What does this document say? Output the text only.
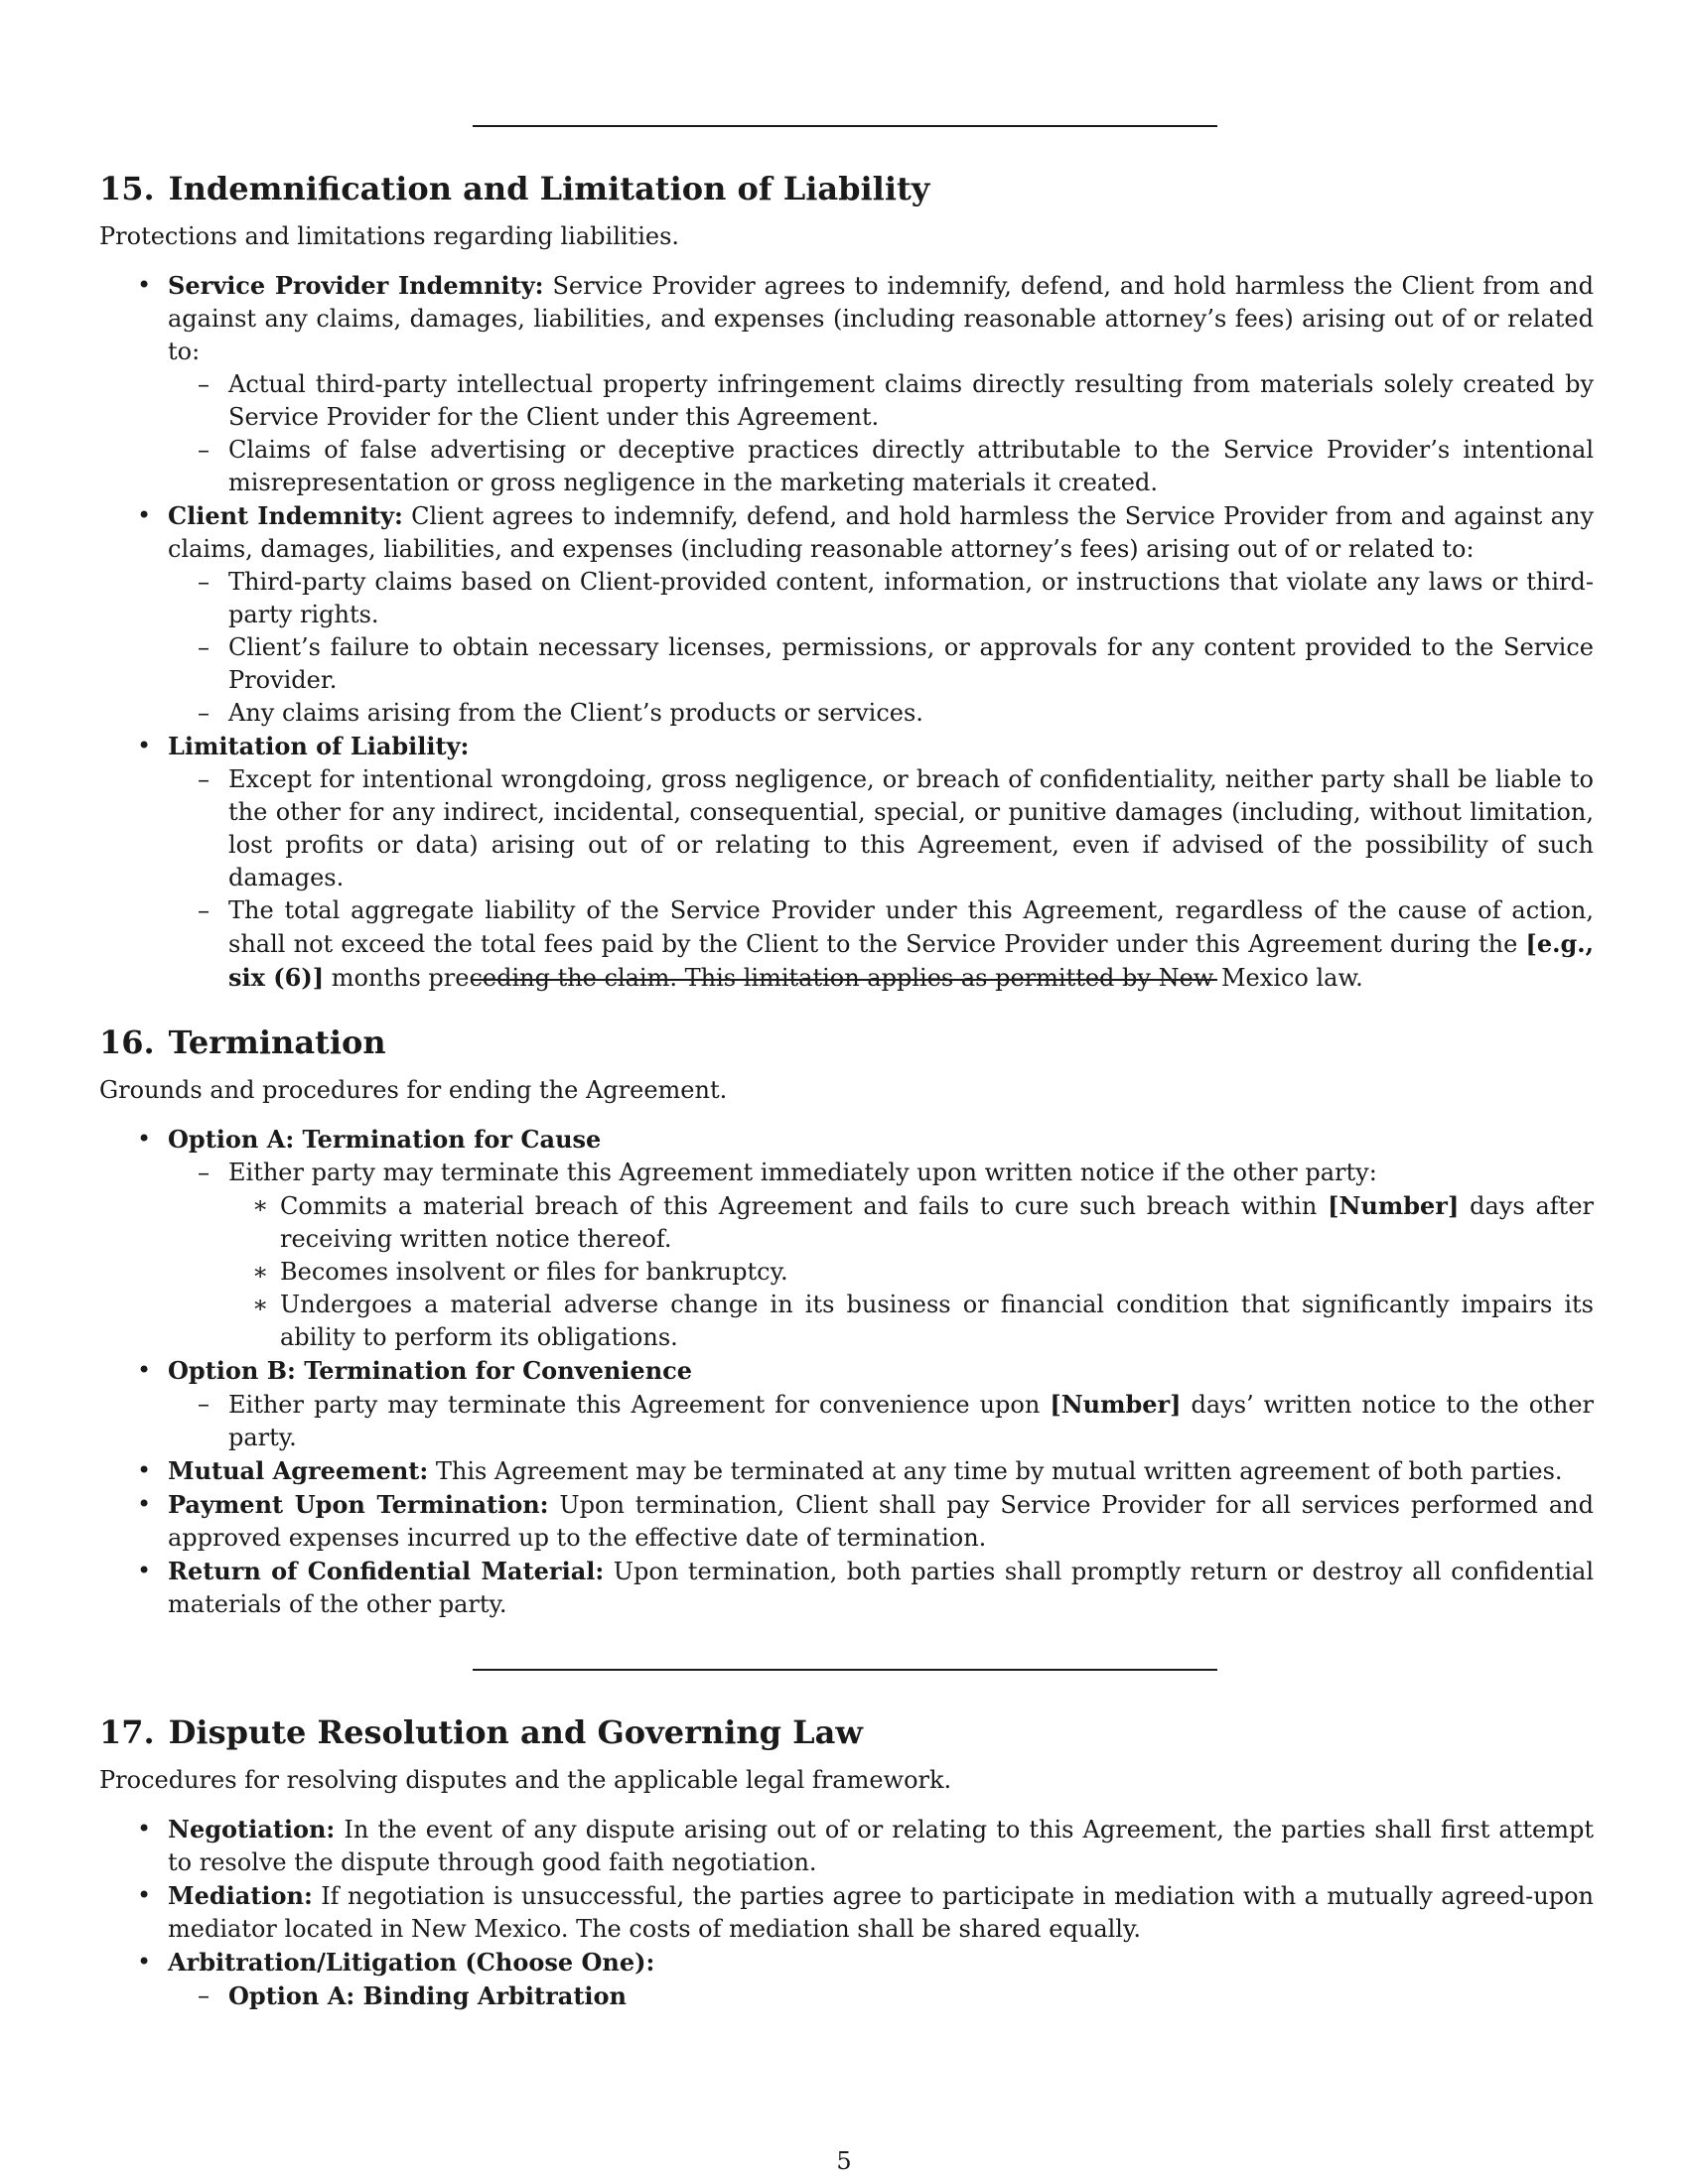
15. Indemnification and Limitation of Liability

Protections and limitations regarding liabilities.

• Service Provider Indemnity: Service Provider agrees to indemnify, defend, and hold harmless the Client from and against any claims, damages, liabilities, and expenses (including reasonable attorney’s fees) arising out of or related to:
– Actual third-party intellectual property infringement claims directly resulting from materials solely created by Service Provider for the Client under this Agreement.
– Claims of false advertising or deceptive practices directly attributable to the Service Provider’s intentional misrepresentation or gross negligence in the marketing materials it created.
• Client Indemnity: Client agrees to indemnify, defend, and hold harmless the Service Provider from and against any claims, damages, liabilities, and expenses (including reasonable attorney’s fees) arising out of or related to:
– Third-party claims based on Client-provided content, information, or instructions that violate any laws or third-party rights.
– Client’s failure to obtain necessary licenses, permissions, or approvals for any content provided to the Service Provider.
– Any claims arising from the Client’s products or services.
• Limitation of Liability:
– Except for intentional wrongdoing, gross negligence, or breach of confidentiality, neither party shall be liable to the other for any indirect, incidental, consequential, special, or punitive damages (including, without limitation, lost profits or data) arising out of or relating to this Agreement, even if advised of the possibility of such damages.
– The total aggregate liability of the Service Provider under this Agreement, regardless of the cause of action, shall not exceed the total fees paid by the Client to the Service Provider under this Agreement during the [e.g., six (6)] months preceding the claim. This limitation applies as permitted by New Mexico law.
16. Termination

Grounds and procedures for ending the Agreement.

• Option A: Termination for Cause
– Either party may terminate this Agreement immediately upon written notice if the other party:
∗ Commits a material breach of this Agreement and fails to cure such breach within [Number] days after receiving written notice thereof.
∗ Becomes insolvent or files for bankruptcy.
∗ Undergoes a material adverse change in its business or financial condition that significantly impairs its ability to perform its obligations.
• Option B: Termination for Convenience
– Either party may terminate this Agreement for convenience upon [Number] days’ written notice to the other party.
• Mutual Agreement: This Agreement may be terminated at any time by mutual written agreement of both parties.
• Payment Upon Termination: Upon termination, Client shall pay Service Provider for all services performed and approved expenses incurred up to the effective date of termination.
• Return of Confidential Material: Upon termination, both parties shall promptly return or destroy all confidential materials of the other party.
17. Dispute Resolution and Governing Law

Procedures for resolving disputes and the applicable legal framework.

• Negotiation: In the event of any dispute arising out of or relating to this Agreement, the parties shall first attempt to resolve the dispute through good faith negotiation.
• Mediation: If negotiation is unsuccessful, the parties agree to participate in mediation with a mutually agreed-upon mediator located in New Mexico. The costs of mediation shall be shared equally.
• Arbitration/Litigation (Choose One):
– Option A: Binding Arbitration
5
